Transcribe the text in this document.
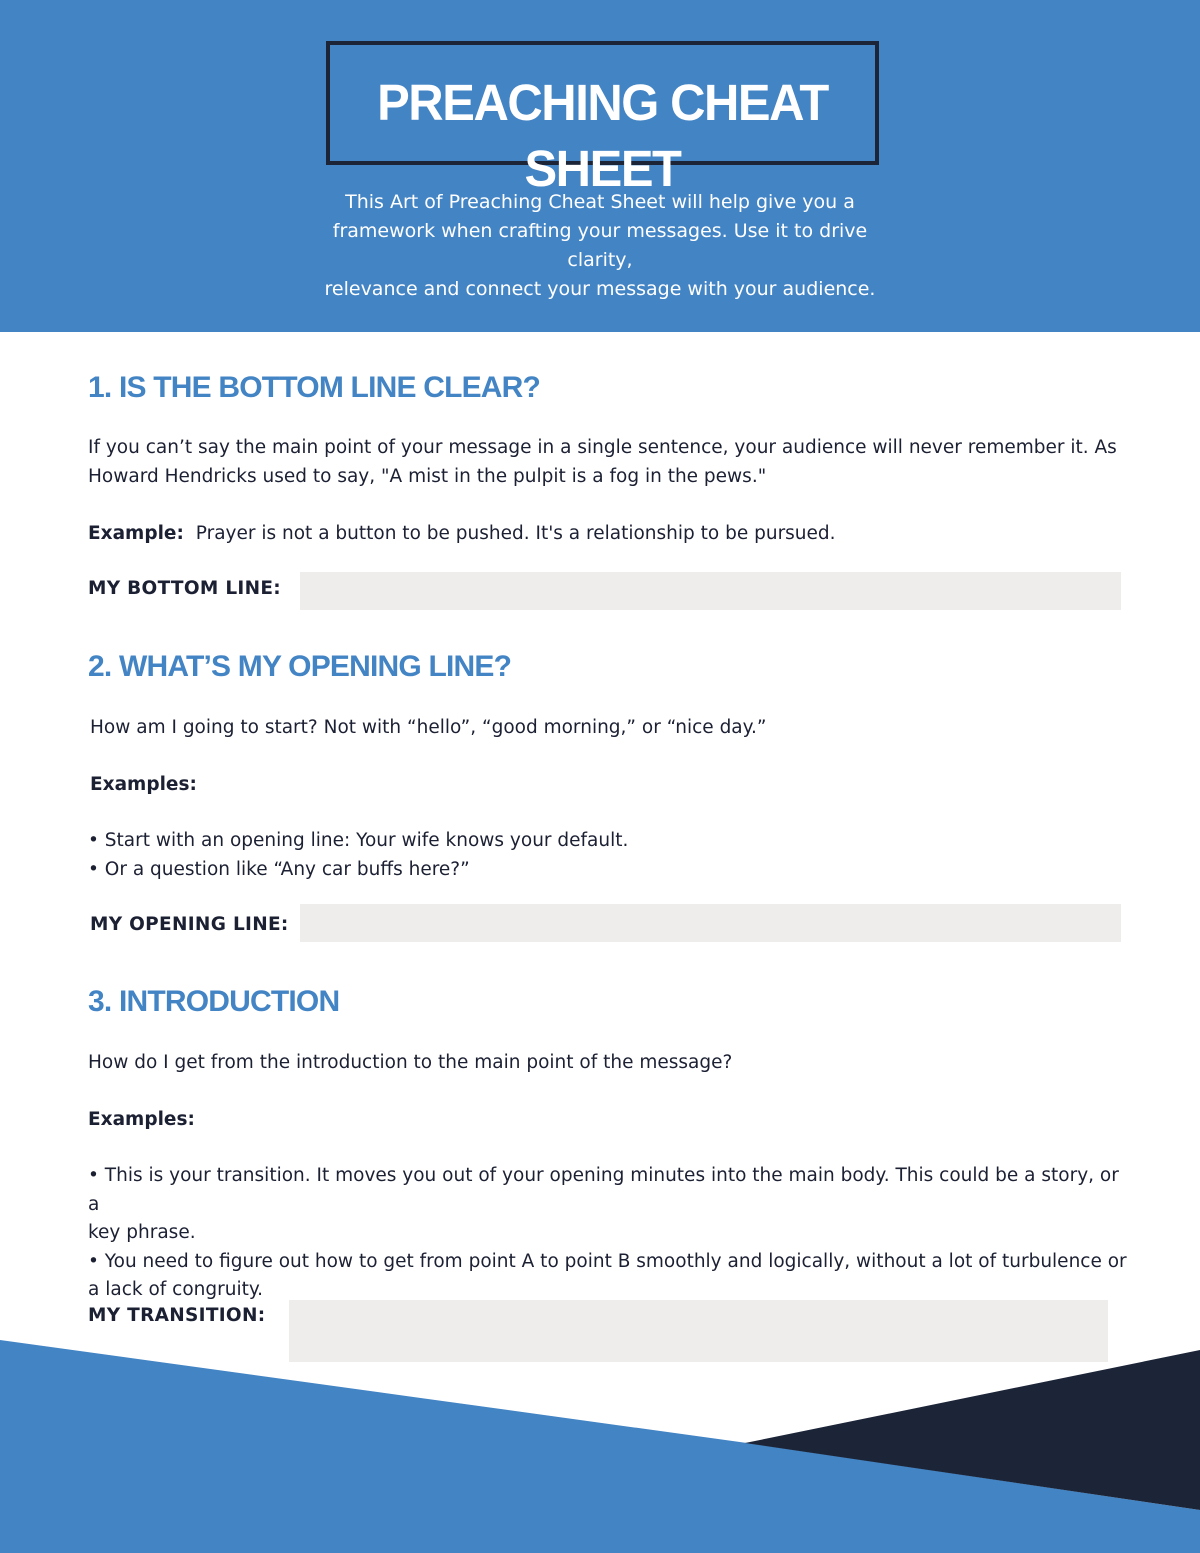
PREACHING CHEAT SHEET
This Art of Preaching Cheat Sheet will help give you a
framework when crafting your messages. Use it to drive clarity,
relevance and connect your message with your audience.
1. IS THE BOTTOM LINE CLEAR?
If you can’t say the main point of your message in a single sentence, your audience will never remember it. As
Howard Hendricks used to say, "A mist in the pulpit is a fog in the pews."
Example: Prayer is not a button to be pushed. It's a relationship to be pursued.
MY BOTTOM LINE:
2. WHAT’S MY OPENING LINE?
How am I going to start? Not with “hello”, “good morning,” or “nice day.”
Examples:
• Start with an opening line: Your wife knows your default.
• Or a question like “Any car buffs here?”
MY OPENING LINE:
3. INTRODUCTION
How do I get from the introduction to the main point of the message?
Examples:
• This is your transition. It moves you out of your opening minutes into the main body. This could be a story, or a
key phrase.
• You need to figure out how to get from point A to point B smoothly and logically, without a lot of turbulence or
a lack of congruity.
MY TRANSITION:
